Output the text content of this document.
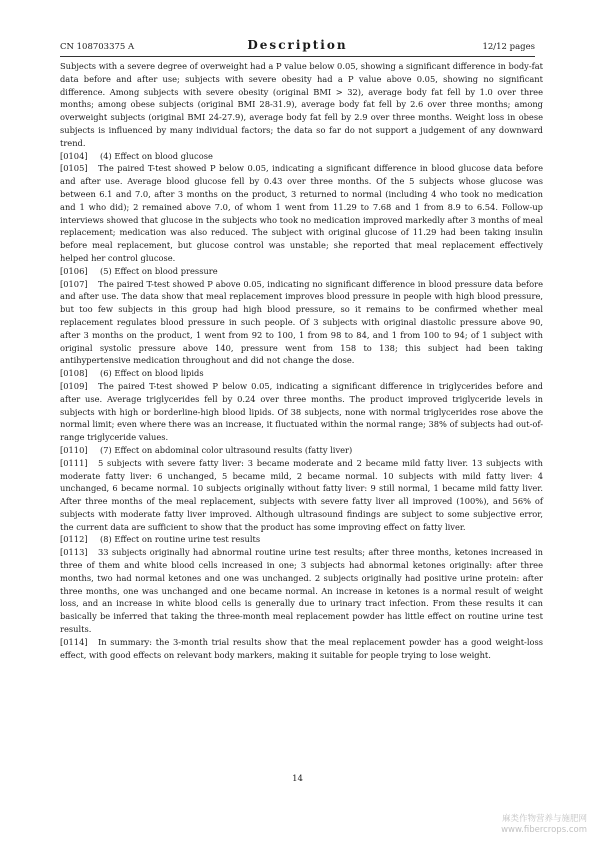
CN 108703375 A	Description	12/12 pages

Subjects with a severe degree of overweight had a P value below 0.05, showing a significant difference in body-fat data before and after use; subjects with severe obesity had a P value above 0.05, showing no significant difference. Among subjects with severe obesity (original BMI > 32), average body fat fell by 1.0 over three months; among obese subjects (original BMI 28-31.9), average body fat fell by 2.6 over three months; among overweight subjects (original BMI 24-27.9), average body fat fell by 2.9 over three months. Weight loss in obese subjects is influenced by many individual factors; the data so far do not support a judgement of any downward trend.

[0104] (4) Effect on blood glucose

[0105] The paired T-test showed P below 0.05, indicating a significant difference in blood glucose data before and after use. Average blood glucose fell by 0.43 over three months. Of the 5 subjects whose glucose was between 6.1 and 7.0, after 3 months on the product, 3 returned to normal (including 4 who took no medication and 1 who did); 2 remained above 7.0, of whom 1 went from 11.29 to 7.68 and 1 from 8.9 to 6.54. Follow-up interviews showed that glucose in the subjects who took no medication improved markedly after 3 months of meal replacement; medication was also reduced. The subject with original glucose of 11.29 had been taking insulin before meal replacement, but glucose control was unstable; she reported that meal replacement effectively helped her control glucose.

[0106] (5) Effect on blood pressure

[0107] The paired T-test showed P above 0.05, indicating no significant difference in blood pressure data before and after use. The data show that meal replacement improves blood pressure in people with high blood pressure, but too few subjects in this group had high blood pressure, so it remains to be confirmed whether meal replacement regulates blood pressure in such people. Of 3 subjects with original diastolic pressure above 90, after 3 months on the product, 1 went from 92 to 100, 1 from 98 to 84, and 1 from 100 to 94; of 1 subject with original systolic pressure above 140, pressure went from 158 to 138; this subject had been taking antihypertensive medication throughout and did not change the dose.

[0108] (6) Effect on blood lipids

[0109] The paired T-test showed P below 0.05, indicating a significant difference in triglycerides before and after use. Average triglycerides fell by 0.24 over three months. The product improved triglyceride levels in subjects with high or borderline-high blood lipids. Of 38 subjects, none with normal triglycerides rose above the normal limit; even where there was an increase, it fluctuated within the normal range; 38% of subjects had out-of-range triglyceride values.

[0110] (7) Effect on abdominal color ultrasound results (fatty liver)

[0111] 5 subjects with severe fatty liver: 3 became moderate and 2 became mild fatty liver. 13 subjects with moderate fatty liver: 6 unchanged, 5 became mild, 2 became normal. 10 subjects with mild fatty liver: 4 unchanged, 6 became normal. 10 subjects originally without fatty liver: 9 still normal, 1 became mild fatty liver. After three months of the meal replacement, subjects with severe fatty liver all improved (100%), and 56% of subjects with moderate fatty liver improved. Although ultrasound findings are subject to some subjective error, the current data are sufficient to show that the product has some improving effect on fatty liver.

[0112] (8) Effect on routine urine test results

[0113] 33 subjects originally had abnormal routine urine test results; after three months, ketones increased in three of them and white blood cells increased in one; 3 subjects had abnormal ketones originally: after three months, two had normal ketones and one was unchanged. 2 subjects originally had positive urine protein: after three months, one was unchanged and one became normal. An increase in ketones is a normal result of weight loss, and an increase in white blood cells is generally due to urinary tract infection. From these results it can basically be inferred that taking the three-month meal replacement powder has little effect on routine urine test results.

[0114] In summary: the 3-month trial results show that the meal replacement powder has a good weight-loss effect, with good effects on relevant body markers, making it suitable for people trying to lose weight.

14
麻类作物营养与施肥网
www.fibercrops.com
